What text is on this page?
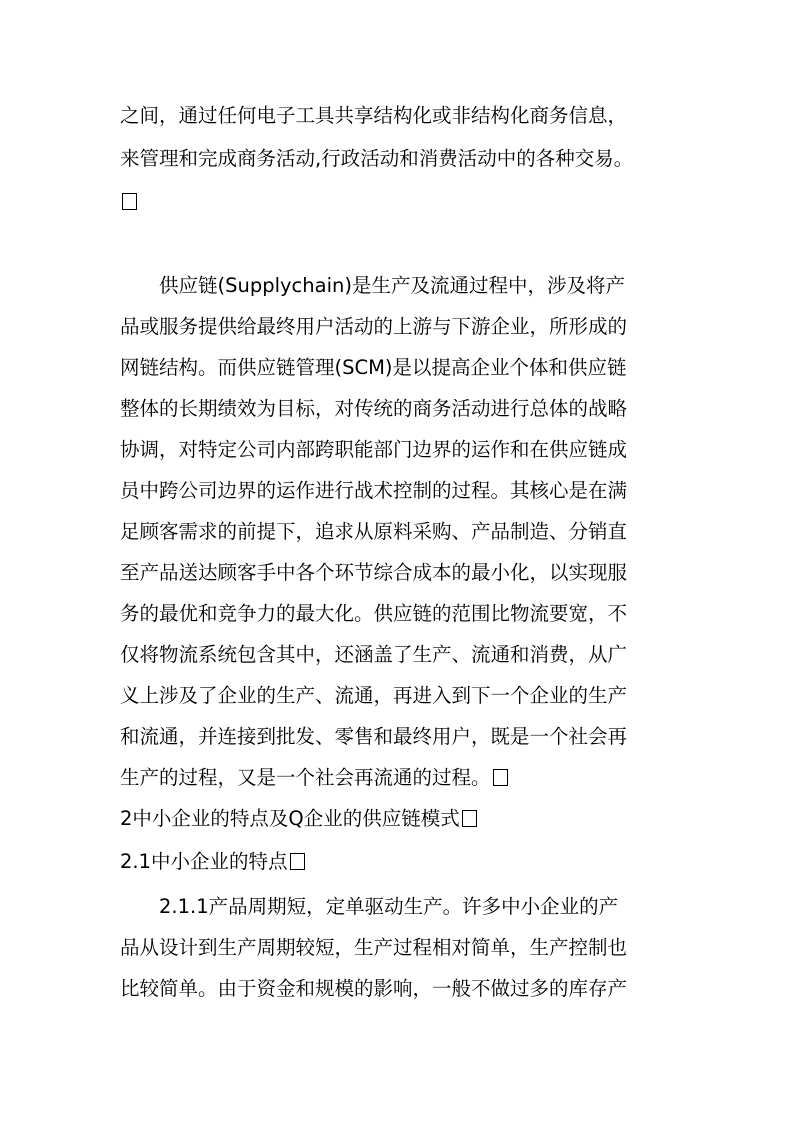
之间，通过任何电子工具共享结构化或非结构化商务信息，
来管理和完成商务活动,行政活动和消费活动中的各种交易。
　　供应链(Supplychain)是生产及流通过程中，涉及将产
品或服务提供给最终用户活动的上游与下游企业，所形成的
网链结构。而供应链管理(SCM)是以提高企业个体和供应链
整体的长期绩效为目标，对传统的商务活动进行总体的战略
协调，对特定公司内部跨职能部门边界的运作和在供应链成
员中跨公司边界的运作进行战术控制的过程。其核心是在满
足顾客需求的前提下，追求从原料采购、产品制造、分销直
至产品送达顾客手中各个环节综合成本的最小化，以实现服
务的最优和竞争力的最大化。供应链的范围比物流要宽，不
仅将物流系统包含其中，还涵盖了生产、流通和消费，从广
义上涉及了企业的生产、流通，再进入到下一个企业的生产
和流通，并连接到批发、零售和最终用户，既是一个社会再
生产的过程，又是一个社会再流通的过程。
2中小企业的特点及Q企业的供应链模式
2.1中小企业的特点
　　2.1.1产品周期短，定单驱动生产。许多中小企业的产
品从设计到生产周期较短，生产过程相对简单，生产控制也
比较简单。由于资金和规模的影响，一般不做过多的库存产
